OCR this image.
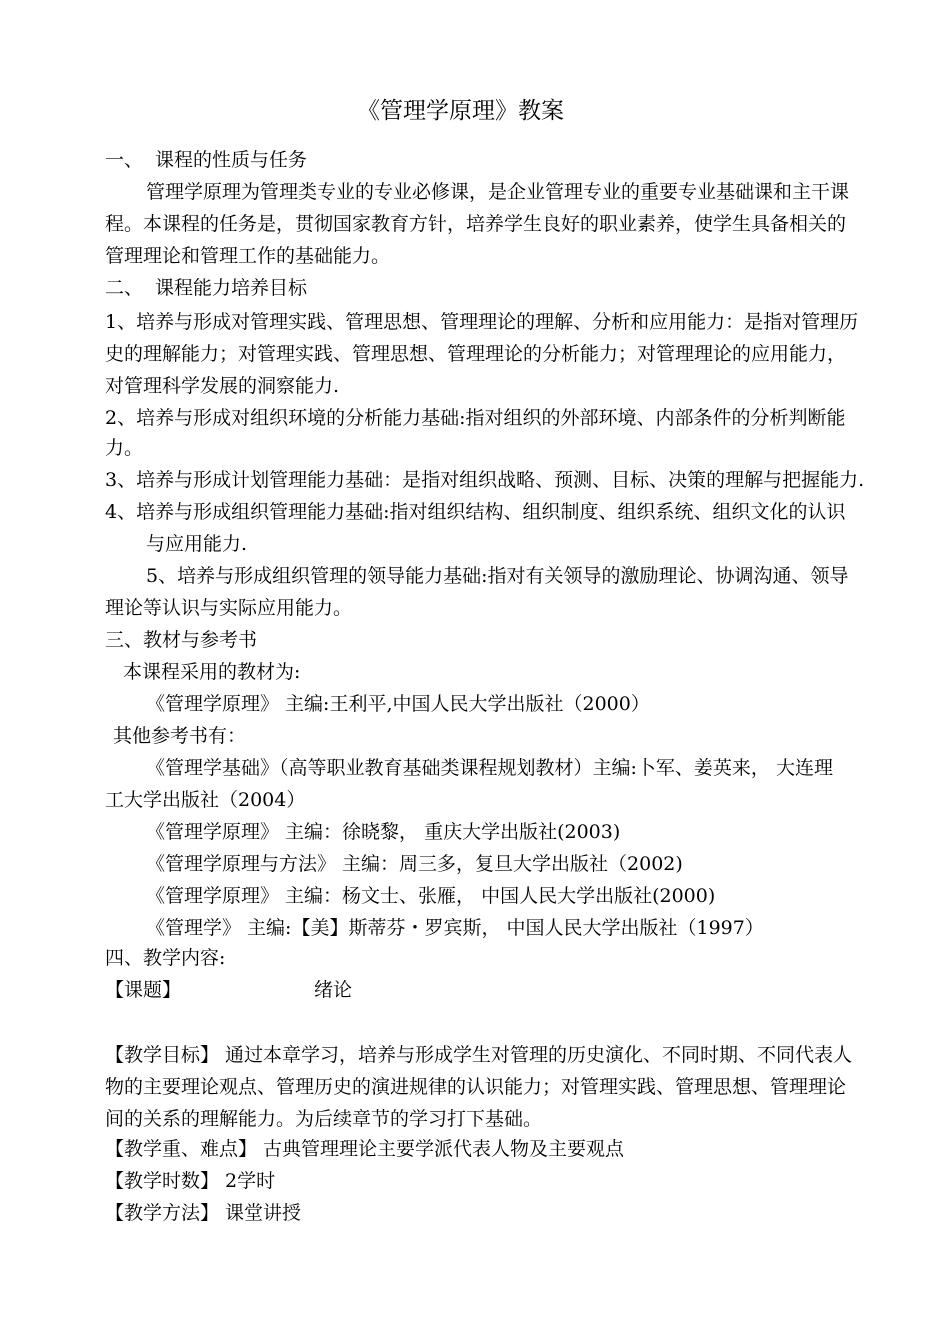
《管理学原理》教案
一、 课程的性质与任务
管理学原理为管理类专业的专业必修课，是企业管理专业的重要专业基础课和主干课
程。本课程的任务是，贯彻国家教育方针，培养学生良好的职业素养，使学生具备相关的
管理理论和管理工作的基础能力。
二、 课程能力培养目标
1、培养与形成对管理实践、管理思想、管理理论的理解、分析和应用能力：是指对管理历
史的理解能力；对管理实践、管理思想、管理理论的分析能力；对管理理论的应用能力，
对管理科学发展的洞察能力.
2、培养与形成对组织环境的分析能力基础:指对组织的外部环境、内部条件的分析判断能
力。
3、培养与形成计划管理能力基础：是指对组织战略、预测、目标、决策的理解与把握能力.
4、培养与形成组织管理能力基础:指对组织结构、组织制度、组织系统、组织文化的认识
与应用能力.
5、培养与形成组织管理的领导能力基础:指对有关领导的激励理论、协调沟通、领导
理论等认识与实际应用能力。
三、教材与参考书
本课程采用的教材为:
《管理学原理》 主编:王利平,中国人民大学出版社（2000）
其他参考书有：
《管理学基础》（高等职业教育基础类课程规划教材）主编:卜军、姜英来， 大连理
工大学出版社（2004）
《管理学原理》 主编：徐晓黎， 重庆大学出版社(2003)
《管理学原理与方法》 主编：周三多，复旦大学出版社（2002)
《管理学原理》 主编：杨文士、张雁， 中国人民大学出版社(2000)
《管理学》 主编:【美】斯蒂芬・罗宾斯， 中国人民大学出版社（1997）
四、教学内容:
【课题】	绪论
【教学目标】 通过本章学习，培养与形成学生对管理的历史演化、不同时期、不同代表人
物的主要理论观点、管理历史的演进规律的认识能力；对管理实践、管理思想、管理理论
间的关系的理解能力。为后续章节的学习打下基础。
【教学重、难点】 古典管理理论主要学派代表人物及主要观点
【教学时数】 2学时
【教学方法】 课堂讲授
